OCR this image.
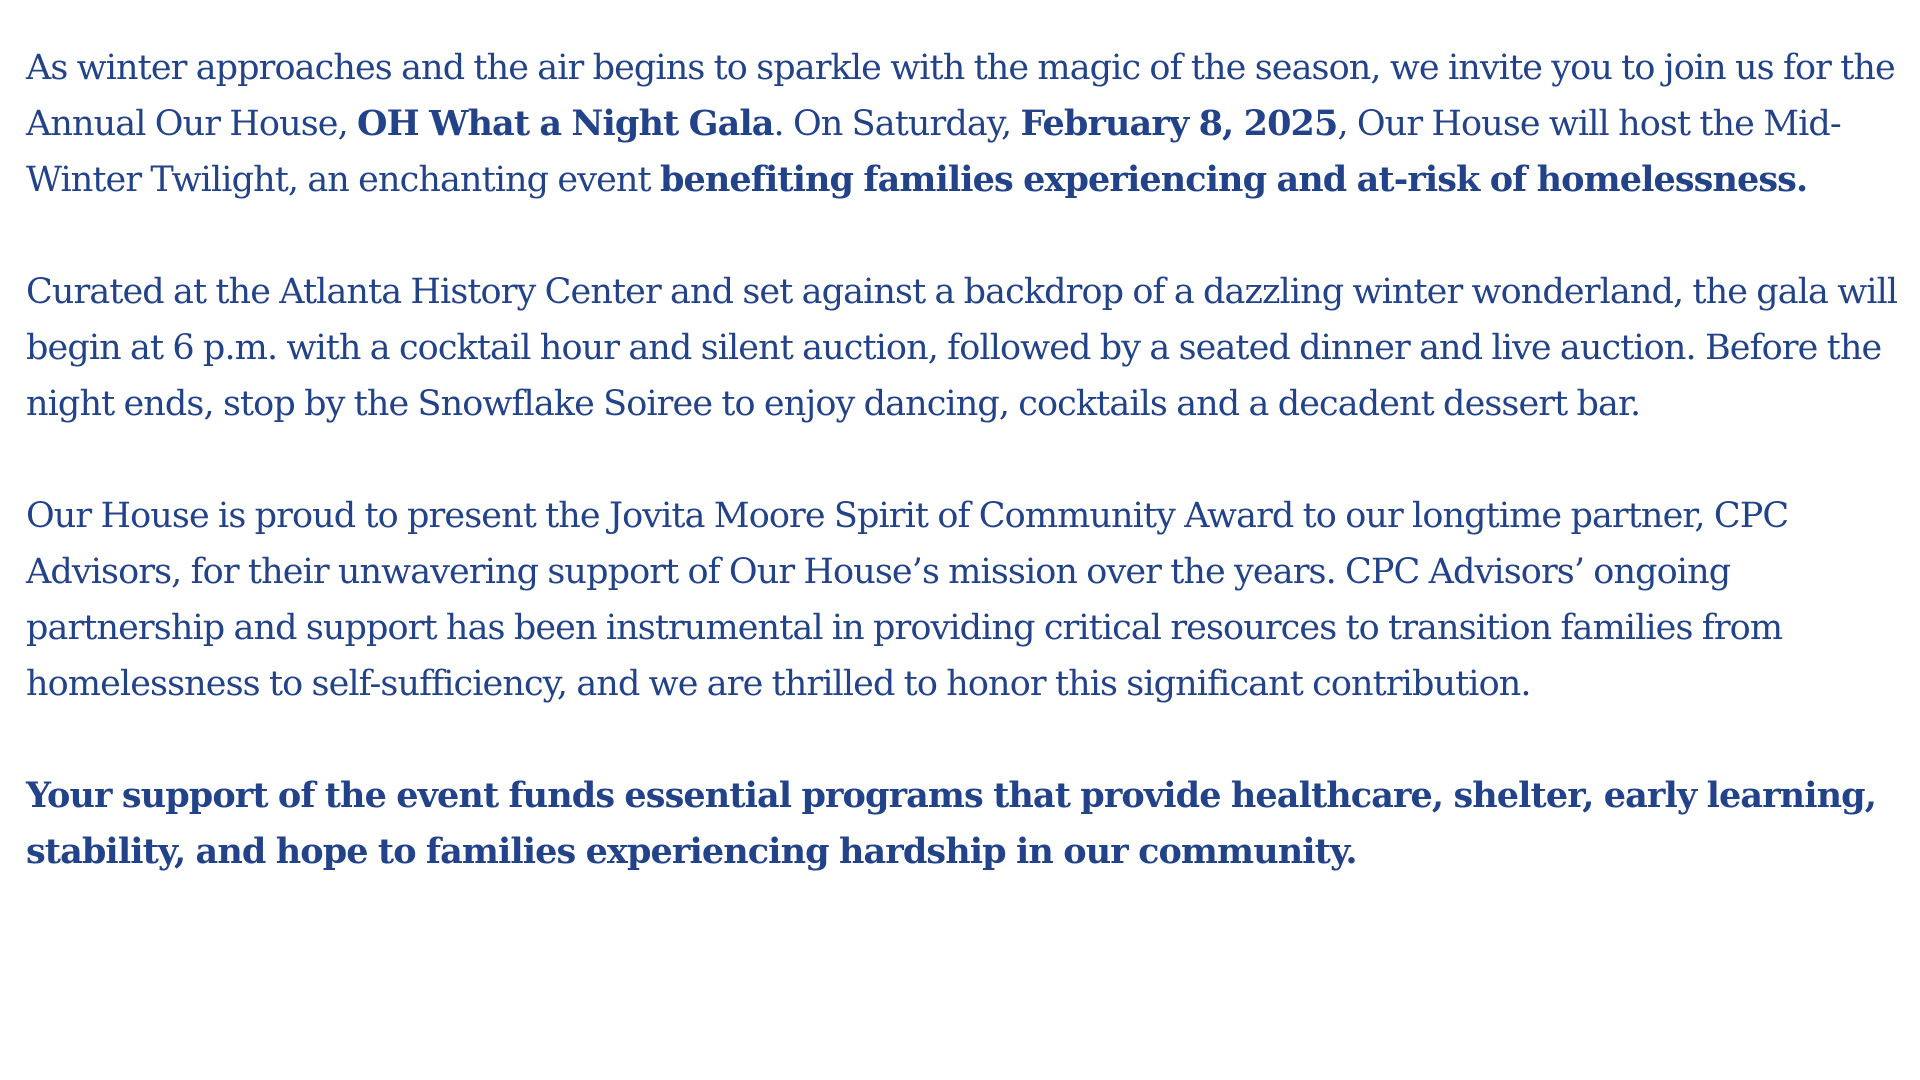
As winter approaches and the air begins to sparkle with the magic of the season, we invite you to join us for the Annual Our House, OH What a Night Gala. On Saturday, February 8, 2025, Our House will host the Mid-Winter Twilight, an enchanting event benefiting families experiencing and at-risk of homelessness.

Curated at the Atlanta History Center and set against a backdrop of a dazzling winter wonderland, the gala will begin at 6 p.m. with a cocktail hour and silent auction, followed by a seated dinner and live auction. Before the night ends, stop by the Snowflake Soiree to enjoy dancing, cocktails and a decadent dessert bar.

Our House is proud to present the Jovita Moore Spirit of Community Award to our longtime partner, CPC Advisors, for their unwavering support of Our House’s mission over the years. CPC Advisors’ ongoing partnership and support has been instrumental in providing critical resources to transition families from homelessness to self-sufficiency, and we are thrilled to honor this significant contribution.

Your support of the event funds essential programs that provide healthcare, shelter, early learning, stability, and hope to families experiencing hardship in our community.
